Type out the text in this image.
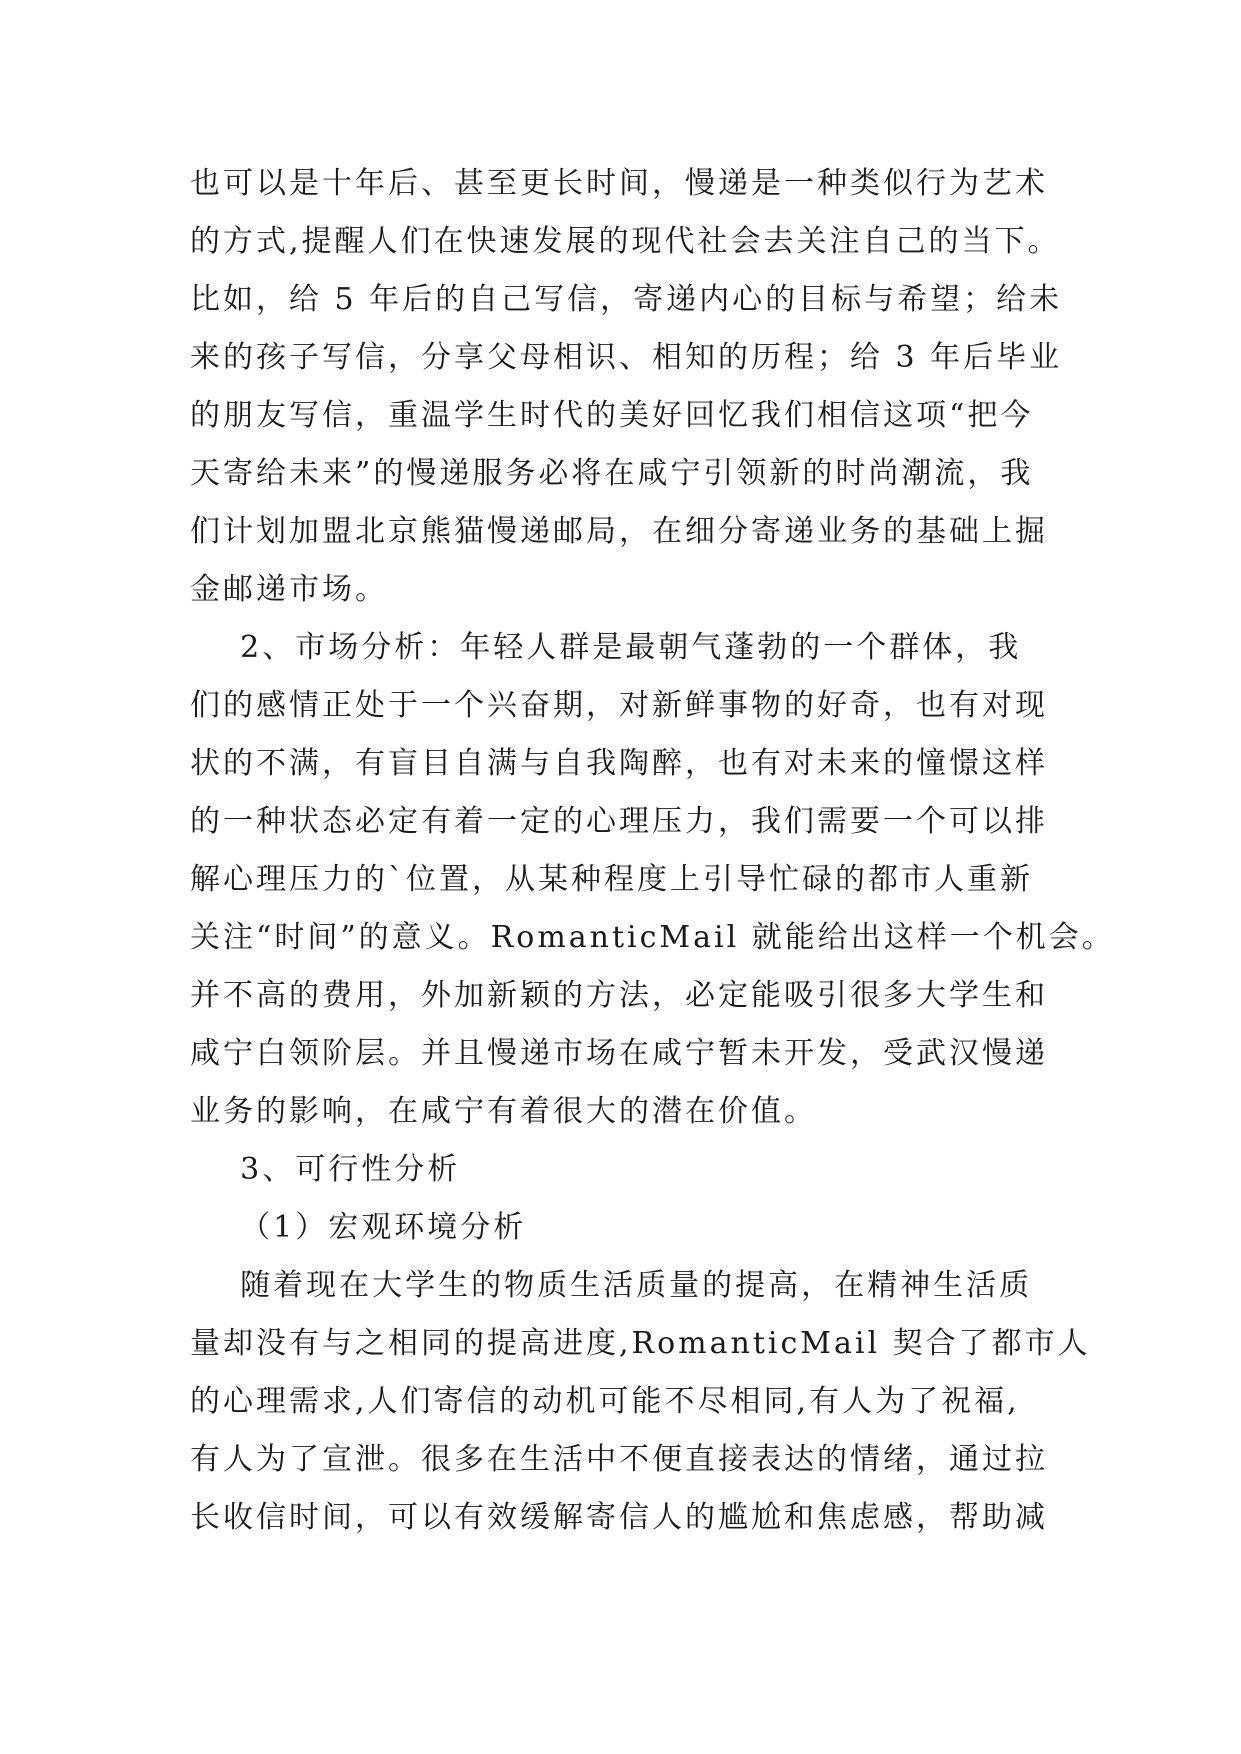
也可以是十年后、甚至更长时间，慢递是一种类似行为艺术
的方式,提醒人们在快速发展的现代社会去关注自己的当下。
比如，给 5 年后的自己写信，寄递内心的目标与希望；给未
来的孩子写信，分享父母相识、相知的历程；给 3 年后毕业
的朋友写信，重温学生时代的美好回忆我们相信这项“把今
天寄给未来”的慢递服务必将在咸宁引领新的时尚潮流，我
们计划加盟北京熊猫慢递邮局，在细分寄递业务的基础上掘
金邮递市场。
2、市场分析：年轻人群是最朝气蓬勃的一个群体，我
们的感情正处于一个兴奋期，对新鲜事物的好奇，也有对现
状的不满，有盲目自满与自我陶醉，也有对未来的憧憬这样
的一种状态必定有着一定的心理压力，我们需要一个可以排
解心理压力的`位置，从某种程度上引导忙碌的都市人重新
关注“时间”的意义。RomanticMail 就能给出这样一个机会。
并不高的费用，外加新颖的方法，必定能吸引很多大学生和
咸宁白领阶层。并且慢递市场在咸宁暂未开发，受武汉慢递
业务的影响，在咸宁有着很大的潜在价值。
3、可行性分析
（1）宏观环境分析
随着现在大学生的物质生活质量的提高，在精神生活质
量却没有与之相同的提高进度,RomanticMail 契合了都市人
的心理需求,人们寄信的动机可能不尽相同,有人为了祝福,
有人为了宣泄。很多在生活中不便直接表达的情绪，通过拉
长收信时间，可以有效缓解寄信人的尴尬和焦虑感，帮助减
